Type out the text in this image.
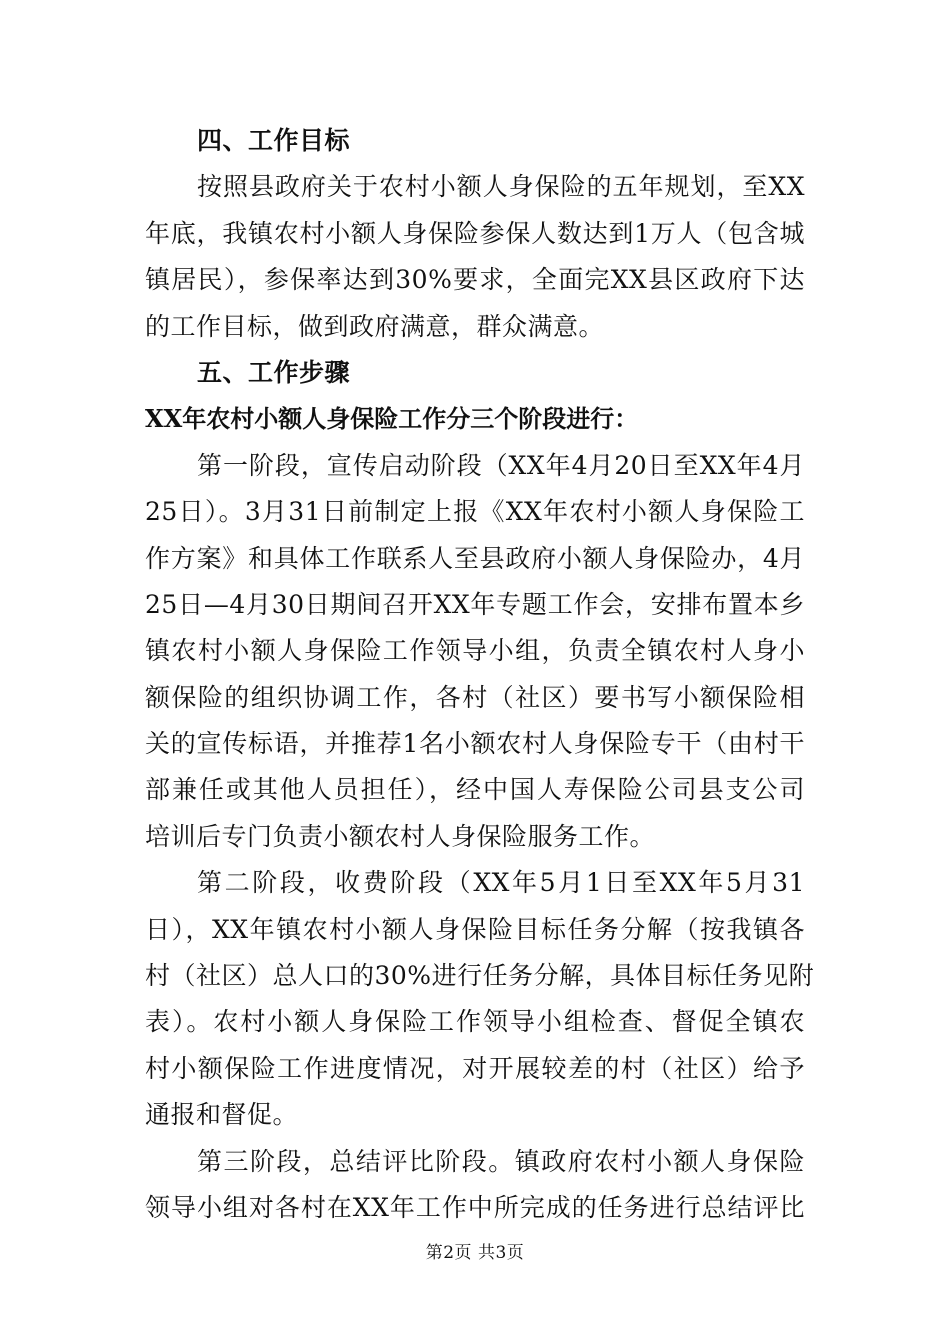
四、工作目标
按照县政府关于农村小额人身保险的五年规划，至XX
年底，我镇农村小额人身保险参保人数达到1万人（包含城
镇居民），参保率达到30%要求，全面完XX县区政府下达
的工作目标，做到政府满意，群众满意。
五、工作步骤
XX年农村小额人身保险工作分三个阶段进行：
第一阶段，宣传启动阶段（XX年4月20日至XX年4月
25日）。3月31日前制定上报《XX年农村小额人身保险工
作方案》和具体工作联系人至县政府小额人身保险办，4月
25日—4月30日期间召开XX年专题工作会，安排布置本乡
镇农村小额人身保险工作领导小组，负责全镇农村人身小
额保险的组织协调工作，各村（社区）要书写小额保险相
关的宣传标语，并推荐1名小额农村人身保险专干（由村干
部兼任或其他人员担任），经中国人寿保险公司县支公司
培训后专门负责小额农村人身保险服务工作。
第二阶段，收费阶段（XX年5月1日至XX年5月31
日），XX年镇农村小额人身保险目标任务分解（按我镇各
村（社区）总人口的30%进行任务分解，具体目标任务见附
表）。农村小额人身保险工作领导小组检查、督促全镇农
村小额保险工作进度情况，对开展较差的村（社区）给予
通报和督促。
第三阶段，总结评比阶段。镇政府农村小额人身保险
领导小组对各村在XX年工作中所完成的任务进行总结评比
第2页 共3页
